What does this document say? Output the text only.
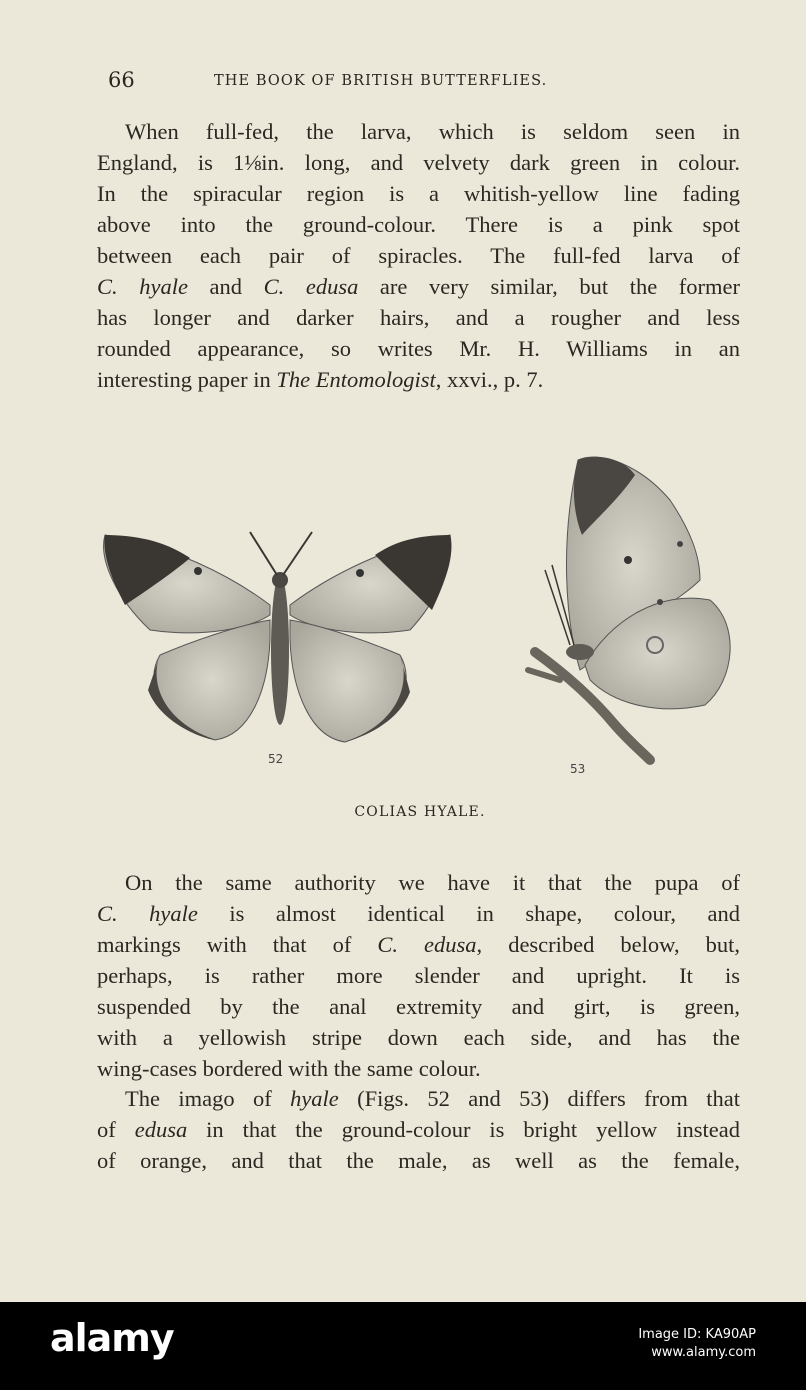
66	THE BOOK OF BRITISH BUTTERFLIES.
When full-fed, the larva, which is seldom seen in
England, is 1⅛in. long, and velvety dark green in colour.
In the spiracular region is a whitish-yellow line fading
above into the ground-colour. There is a pink spot
between each pair of spiracles. The full-fed larva of
C. hyale and C. edusa are very similar, but the former
has longer and darker hairs, and a rougher and less
rounded appearance, so writes Mr. H. Williams in an
interesting paper in The Entomologist, xxvi., p. 7.
52
53
COLIAS HYALE.
On the same authority we have it that the pupa of
C. hyale is almost identical in shape, colour, and
markings with that of C. edusa, described below, but,
perhaps, is rather more slender and upright. It is
suspended by the anal extremity and girt, is green,
with a yellowish stripe down each side, and has the
wing-cases bordered with the same colour.
The imago of hyale (Figs. 52 and 53) differs from that
of edusa in that the ground-colour is bright yellow instead
of orange, and that the male, as well as the female,
alamy	Image ID: KA90AP
www.alamy.com
